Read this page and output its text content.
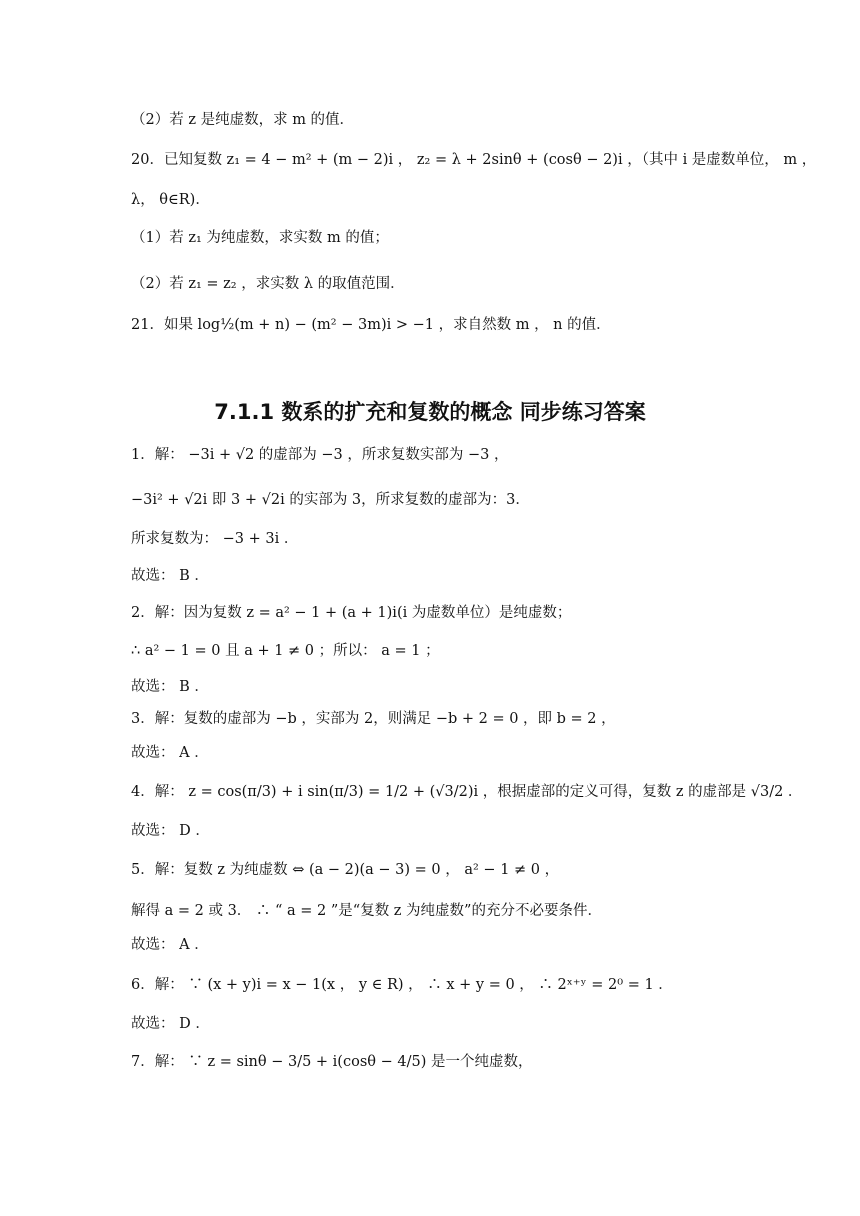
（2）若 z 是纯虚数，求 m 的值．
20．已知复数 z₁ = 4 − m² + (m − 2)i ， z₂ = λ + 2sinθ + (cosθ − 2)i ，（其中 i 是虚数单位， m ，
λ， θ∈R)．
（1）若 z₁ 为纯虚数，求实数 m 的值；
（2）若 z₁ = z₂ ，求实数 λ 的取值范围．
21．如果 log½(m + n) − (m² − 3m)i > −1 ，求自然数 m ， n 的值．
7.1.1 数系的扩充和复数的概念 同步练习答案
1．解： −3i + √2 的虚部为 −3 ，所求复数实部为 −3 ，
−3i² + √2i 即 3 + √2i 的实部为 3，所求复数的虚部为：3．
所求复数为： −3 + 3i ．
故选： B ．
2．解：因为复数 z = a² − 1 + (a + 1)i(i 为虚数单位）是纯虚数；
∴ a² − 1 = 0 且 a + 1 ≠ 0 ；所以： a = 1 ；
故选： B ．
3．解：复数的虚部为 −b ，实部为 2，则满足 −b + 2 = 0 ，即 b = 2 ，
故选： A ．
4．解： z = cos(π/3) + i sin(π/3) = 1/2 + (√3/2)i ，根据虚部的定义可得，复数 z 的虚部是 √3/2 ．
故选： D ．
5．解：复数 z 为纯虚数 ⇔ (a − 2)(a − 3) = 0 ， a² − 1 ≠ 0 ，
解得 a = 2 或 3． ∴ “ a = 2 ”是“复数 z 为纯虚数”的充分不必要条件．
故选： A ．
6．解： ∵ (x + y)i = x − 1(x ， y ∈ R) ， ∴ x + y = 0 ， ∴ 2ˣ⁺ʸ = 2⁰ = 1 ．
故选： D ．
7．解： ∵ z = sinθ − 3/5 + i(cosθ − 4/5) 是一个纯虚数，
